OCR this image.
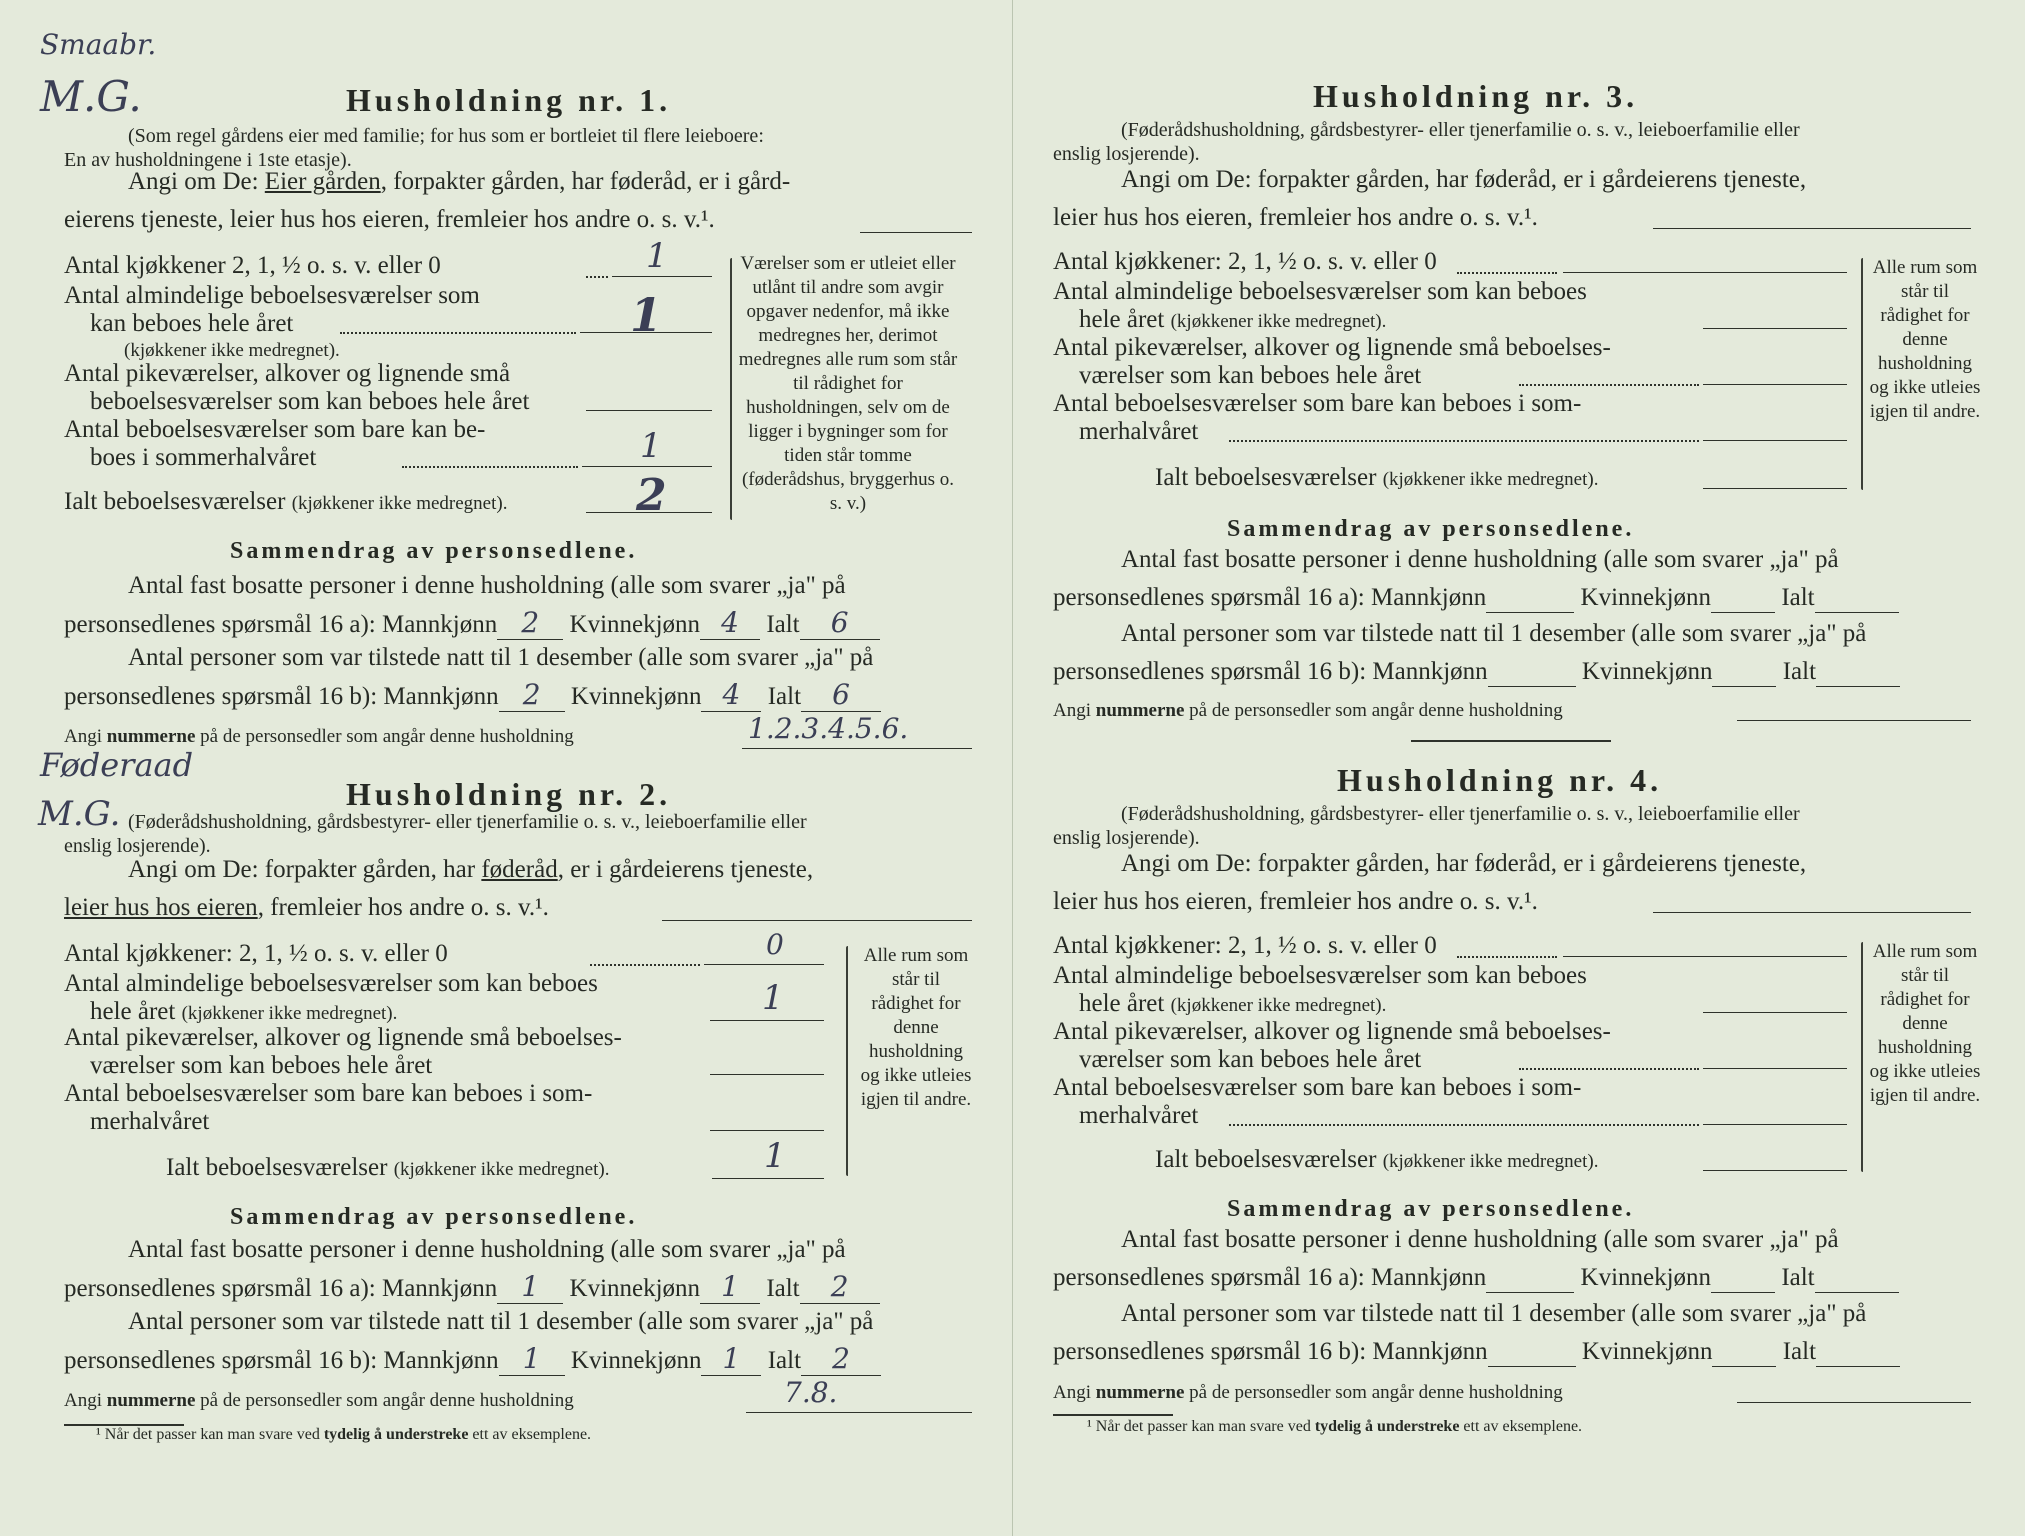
Smaabr.
M.G.	Husholdning nr. 1.
(Som regel gårdens eier med familie; for hus som er bortleiet til flere leieboere:
En av husholdningene i 1ste etasje).
Angi om De: Eier gården, forpakter gården, har føderåd, er i gård-
eierens tjeneste, leier hus hos eieren, fremleier hos andre o. s. v.¹.
Antal kjøkkener 2, 1, ½ o. s. v. eller 0	1
Antal almindelige beboelsesværelser som
kan beboes hele året	1
(kjøkkener ikke medregnet).
Antal pikeværelser, alkover og lignende små
beboelsesværelser som kan beboes hele året
Antal beboelsesværelser som bare kan be-
boes i sommerhalvåret	1
Ialt beboelsesværelser (kjøkkener ikke medregnet).	2
Værelser som er utleiet eller utlånt til andre som avgir opgaver nedenfor, må ikke medregnes her, derimot medregnes alle rum som står til rådighet for husholdningen, selv om de ligger i bygninger som for tiden står tomme (føderådshus, bryggerhus o. s. v.)
Sammendrag av personsedlene.
Antal fast bosatte personer i denne husholdning (alle som svarer „ja" på
personsedlenes spørsmål 16 a): Mannkjønn 2 Kvinnekjønn 4 Ialt 6
Antal personer som var tilstede natt til 1 desember (alle som svarer „ja" på
personsedlenes spørsmål 16 b): Mannkjønn 2 Kvinnekjønn 4 Ialt 6
Angi nummerne på de personsedler som angår denne husholdning	1.2.3.4.5.6.
Føderaad
M.G.	Husholdning nr. 2.
(Føderådshusholdning, gårdsbestyrer- eller tjenerfamilie o. s. v., leieboerfamilie eller
enslig losjerende).
Angi om De: forpakter gården, har føderåd, er i gårdeierens tjeneste,
leier hus hos eieren, fremleier hos andre o. s. v.¹.
Antal kjøkkener: 2, 1, ½ o. s. v. eller 0	0
Antal almindelige beboelsesværelser som kan beboes
hele året (kjøkkener ikke medregnet).	1
Antal pikeværelser, alkover og lignende små beboelses-
værelser som kan beboes hele året
Antal beboelsesværelser som bare kan beboes i som-
merhalvåret
Ialt beboelsesværelser (kjøkkener ikke medregnet).	1
Alle rum som står til rådighet for denne husholdning og ikke utleies igjen til andre.
Sammendrag av personsedlene.
Antal fast bosatte personer i denne husholdning (alle som svarer „ja" på
personsedlenes spørsmål 16 a): Mannkjønn 1 Kvinnekjønn 1 Ialt 2
Antal personer som var tilstede natt til 1 desember (alle som svarer „ja" på
personsedlenes spørsmål 16 b): Mannkjønn 1 Kvinnekjønn 1 Ialt 2
Angi nummerne på de personsedler som angår denne husholdning	7.8.
¹ Når det passer kan man svare ved tydelig å understreke ett av eksemplene.
Husholdning nr. 3.
(Føderådshusholdning, gårdsbestyrer- eller tjenerfamilie o. s. v., leieboerfamilie eller
enslig losjerende).
Angi om De: forpakter gården, har føderåd, er i gårdeierens tjeneste,
leier hus hos eieren, fremleier hos andre o. s. v.¹.
Antal kjøkkener: 2, 1, ½ o. s. v. eller 0
Antal almindelige beboelsesværelser som kan beboes
hele året (kjøkkener ikke medregnet).
Antal pikeværelser, alkover og lignende små beboelses-
værelser som kan beboes hele året
Antal beboelsesværelser som bare kan beboes i som-
merhalvåret
Ialt beboelsesværelser (kjøkkener ikke medregnet).
Alle rum som står til rådighet for denne husholdning og ikke utleies igjen til andre.
Sammendrag av personsedlene.
Antal fast bosatte personer i denne husholdning (alle som svarer „ja" på
personsedlenes spørsmål 16 a): Mannkjønn	Kvinnekjønn	Ialt
Antal personer som var tilstede natt til 1 desember (alle som svarer „ja" på
personsedlenes spørsmål 16 b): Mannkjønn	Kvinnekjønn	Ialt
Angi nummerne på de personsedler som angår denne husholdning
Husholdning nr. 4.
(Føderådshusholdning, gårdsbestyrer- eller tjenerfamilie o. s. v., leieboerfamilie eller
enslig losjerende).
Angi om De: forpakter gården, har føderåd, er i gårdeierens tjeneste,
leier hus hos eieren, fremleier hos andre o. s. v.¹.
Antal kjøkkener: 2, 1, ½ o. s. v. eller 0
Antal almindelige beboelsesværelser som kan beboes
hele året (kjøkkener ikke medregnet).
Antal pikeværelser, alkover og lignende små beboelses-
værelser som kan beboes hele året
Antal beboelsesværelser som bare kan beboes i som-
merhalvåret
Ialt beboelsesværelser (kjøkkener ikke medregnet).
Alle rum som står til rådighet for denne husholdning og ikke utleies igjen til andre.
Sammendrag av personsedlene.
Antal fast bosatte personer i denne husholdning (alle som svarer „ja" på
personsedlenes spørsmål 16 a): Mannkjønn	Kvinnekjønn	Ialt
Antal personer som var tilstede natt til 1 desember (alle som svarer „ja" på
personsedlenes spørsmål 16 b): Mannkjønn	Kvinnekjønn	Ialt
Angi nummerne på de personsedler som angår denne husholdning
¹ Når det passer kan man svare ved tydelig å understreke ett av eksemplene.
